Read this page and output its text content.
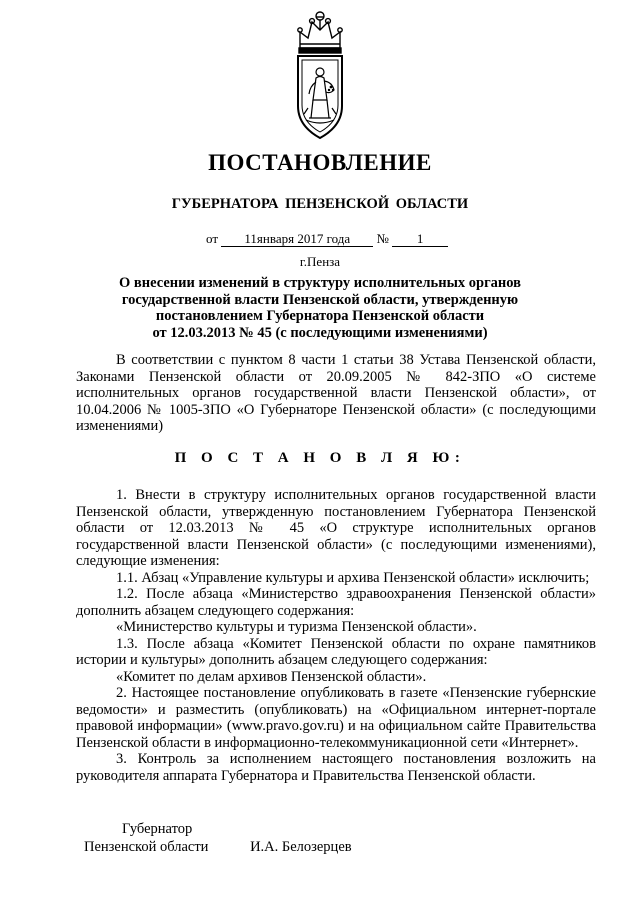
ПОСТАНОВЛЕНИЕ
ГУБЕРНАТОРА ПЕНЗЕНСКОЙ ОБЛАСТИ
от 11января 2017 года № 1
г.Пенза
О внесении изменений в структуру исполнительных органов
государственной власти Пензенской области, утвержденную
постановлением Губернатора Пензенской области
от 12.03.2013 № 45 (с последующими изменениями)

В соответствии с пунктом 8 части 1 статьи 38 Устава Пензенской области, Законами Пензенской области от 20.09.2005 № 842-ЗПО «О системе исполнительных органов государственной власти Пензенской области», от 10.04.2006 № 1005-ЗПО «О Губернаторе Пензенской области» (с последующими изменениями)

П О С Т А Н О В Л Я Ю:

1. Внести в структуру исполнительных органов государственной власти Пензенской области, утвержденную постановлением Губернатора Пензенской области от 12.03.2013 № 45 «О структуре исполнительных органов государственной власти Пензенской области» (с последующими изменениями), следующие изменения:

1.1. Абзац «Управление культуры и архива Пензенской области» исключить;

1.2. После абзаца «Министерство здравоохранения Пензенской области» дополнить абзацем следующего содержания:

«Министерство культуры и туризма Пензенской области».

1.3. После абзаца «Комитет Пензенской области по охране памятников истории и культуры» дополнить абзацем следующего содержания:

«Комитет по делам архивов Пензенской области».

2. Настоящее постановление опубликовать в газете «Пензенские губернские ведомости» и разместить (опубликовать) на «Официальном интернет-портале правовой информации» (www.pravo.gov.ru) и на официальном сайте Правительства Пензенской области в информационно-телекоммуникационной сети «Интернет».

3. Контроль за исполнением настоящего постановления возложить на руководителя аппарата Губернатора и Правительства Пензенской области.

Губернатор
Пензенской области	И.А. Белозерцев
